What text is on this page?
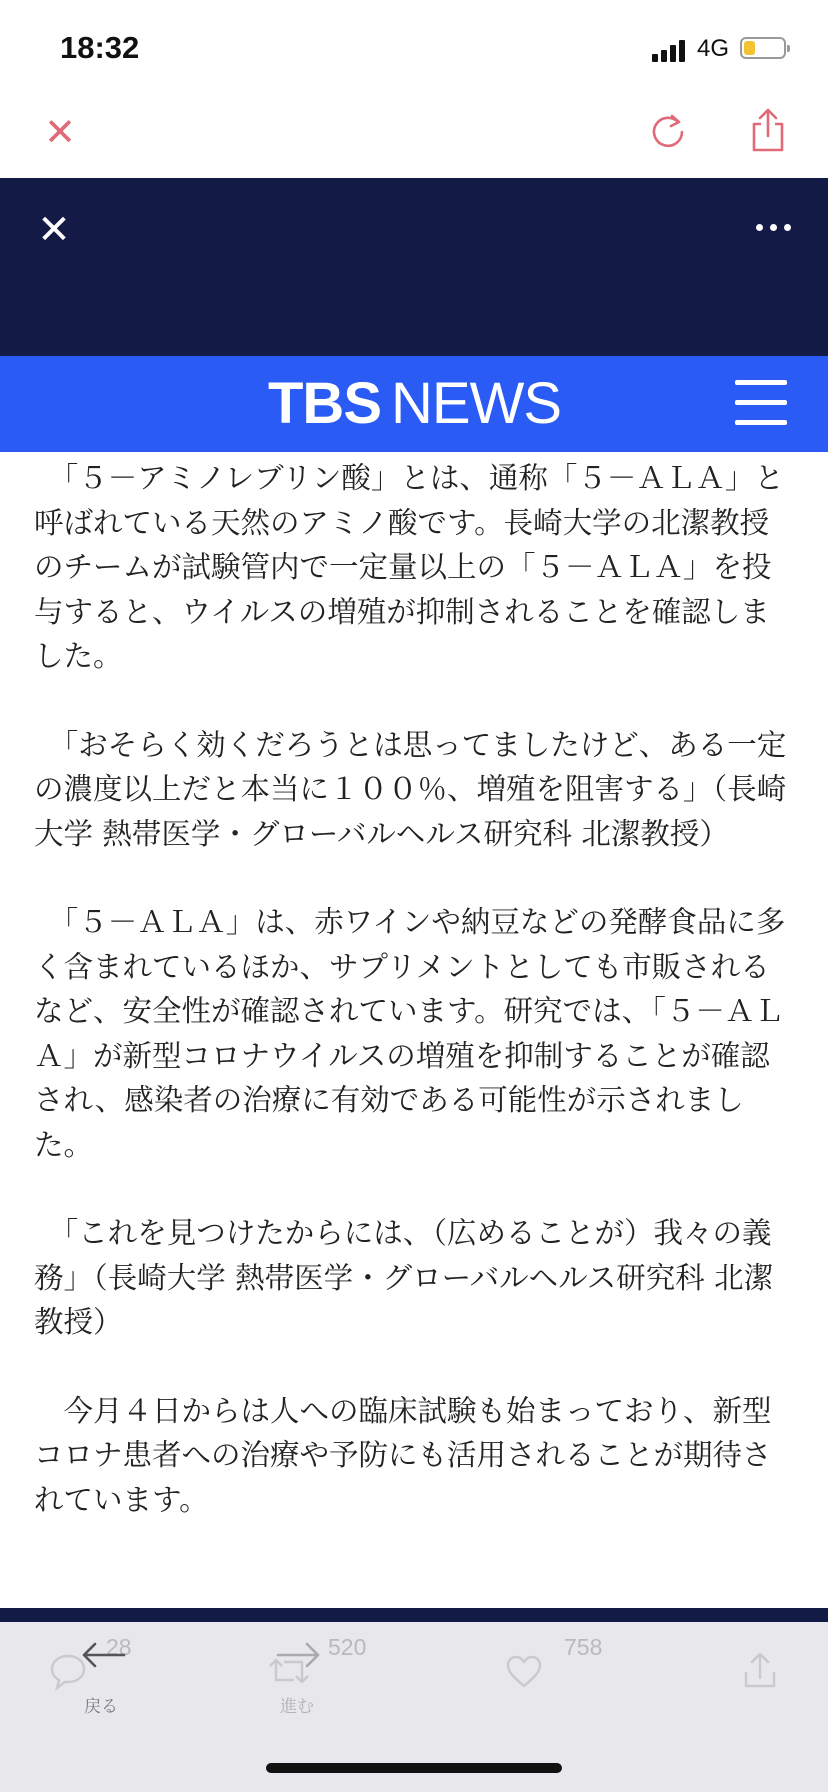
18:32	4G
✕
✕
TBS NEWS

　「５－アミノレブリン酸」とは、通称「５－ＡＬＡ」と呼ばれている天然のアミノ酸です。長崎大学の北潔教授のチームが試験管内で一定量以上の「５－ＡＬＡ」を投与すると、ウイルスの増殖が抑制されることを確認しました。

　「おそらく効くだろうとは思ってましたけど、ある一定の濃度以上だと本当に１００％、増殖を阻害する」（長崎大学 熱帯医学・グローバルヘルス研究科 北潔教授）

　「５－ＡＬＡ」は、赤ワインや納豆などの発酵食品に多く含まれているほか、サプリメントとしても市販されるなど、安全性が確認されています。研究では、「５－ＡＬＡ」が新型コロナウイルスの増殖を抑制することが確認され、感染者の治療に有効である可能性が示されました。

　「これを見つけたからには、（広めることが）我々の義務」（長崎大学 熱帯医学・グローバルヘルス研究科 北潔教授）

　今月４日からは人への臨床試験も始まっており、新型コロナ患者への治療や予防にも活用されることが期待されています。

28
戻る
520
進む
758
